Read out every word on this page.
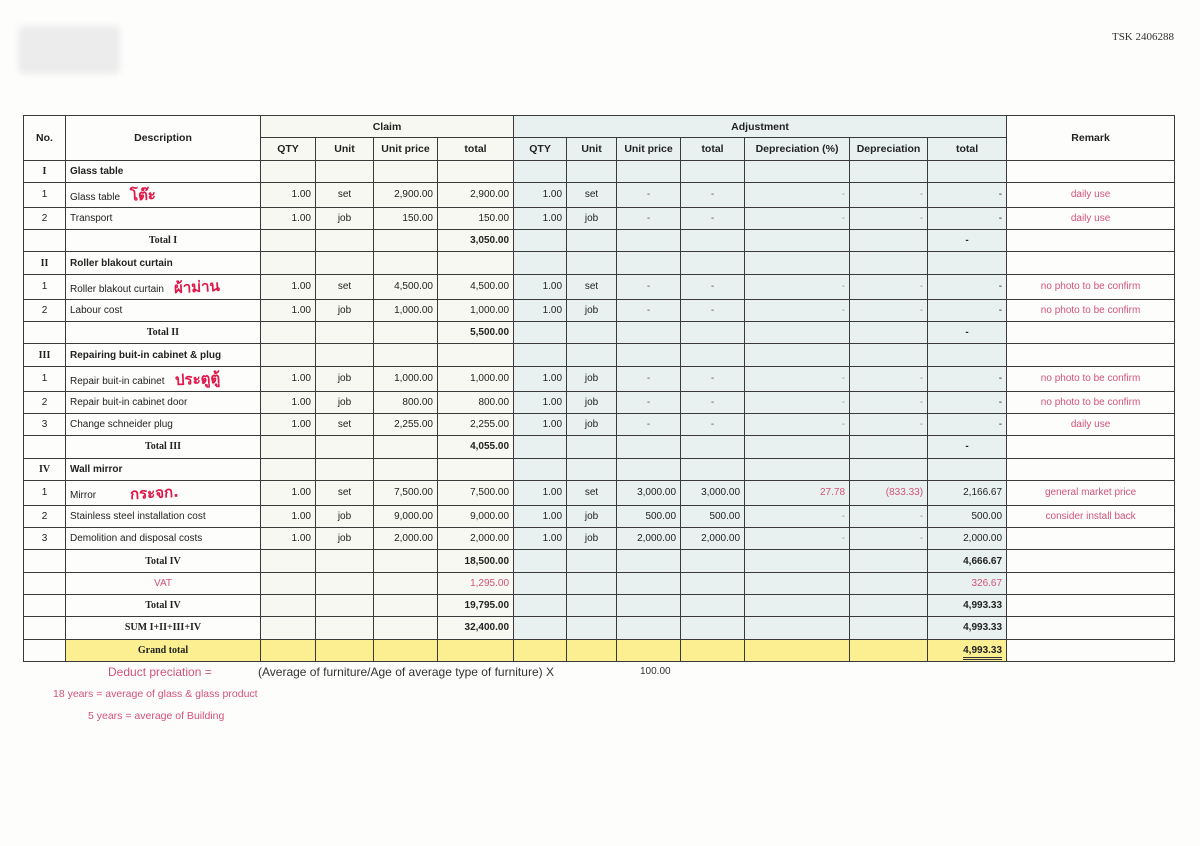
TSK 2406288
No.	Description	Claim				Adjustment							Remark
		QTY	Unit	Unit price	total	QTY	Unit	Unit price	total	Depreciation (%)	Depreciation	total	
I	Glass table												
1	Glass table โต๊ะ	1.00	set	2,900.00	2,900.00	1.00	set	-	-	-	-	-	daily use
2	Transport	1.00	job	150.00	150.00	1.00	job	-	-	-	-	-	daily use
	Total I				3,050.00							-	
II	Roller blakout curtain												
1	Roller blakout curtain ผ้าม่าน	1.00	set	4,500.00	4,500.00	1.00	set	-	-	-	-	-	no photo to be confirm
2	Labour cost	1.00	job	1,000.00	1,000.00	1.00	job	-	-	-	-	-	no photo to be confirm
	Total II				5,500.00							-	
III	Repairing buit-in cabinet & plug												
1	Repair buit-in cabinet ประตูตู้	1.00	job	1,000.00	1,000.00	1.00	job	-	-	-	-	-	no photo to be confirm
2	Repair buit-in cabinet door	1.00	job	800.00	800.00	1.00	job	-	-	-	-	-	no photo to be confirm
3	Change schneider plug	1.00	set	2,255.00	2,255.00	1.00	job	-	-	-	-	-	daily use
	Total III				4,055.00							-	
IV	Wall mirror												
1	Mirror กระจก.	1.00	set	7,500.00	7,500.00	1.00	set	3,000.00	3,000.00	27.78	(833.33)	2,166.67	general market price
2	Stainless steel installation cost	1.00	job	9,000.00	9,000.00	1.00	job	500.00	500.00	-	-	500.00	consider install back
3	Demolition and disposal costs	1.00	job	2,000.00	2,000.00	1.00	job	2,000.00	2,000.00	-	-	2,000.00	
	Total IV				18,500.00							4,666.67	
	VAT				1,295.00							326.67	
	Total IV				19,795.00							4,993.33	
	SUM I+II+III+IV				32,400.00							4,993.33	
	Grand total											4,993.33	
Deduct preciation =	(Average of furniture/Age of average type of furniture) X	100.00
18 years = average of glass & glass product
5 years = average of Building
